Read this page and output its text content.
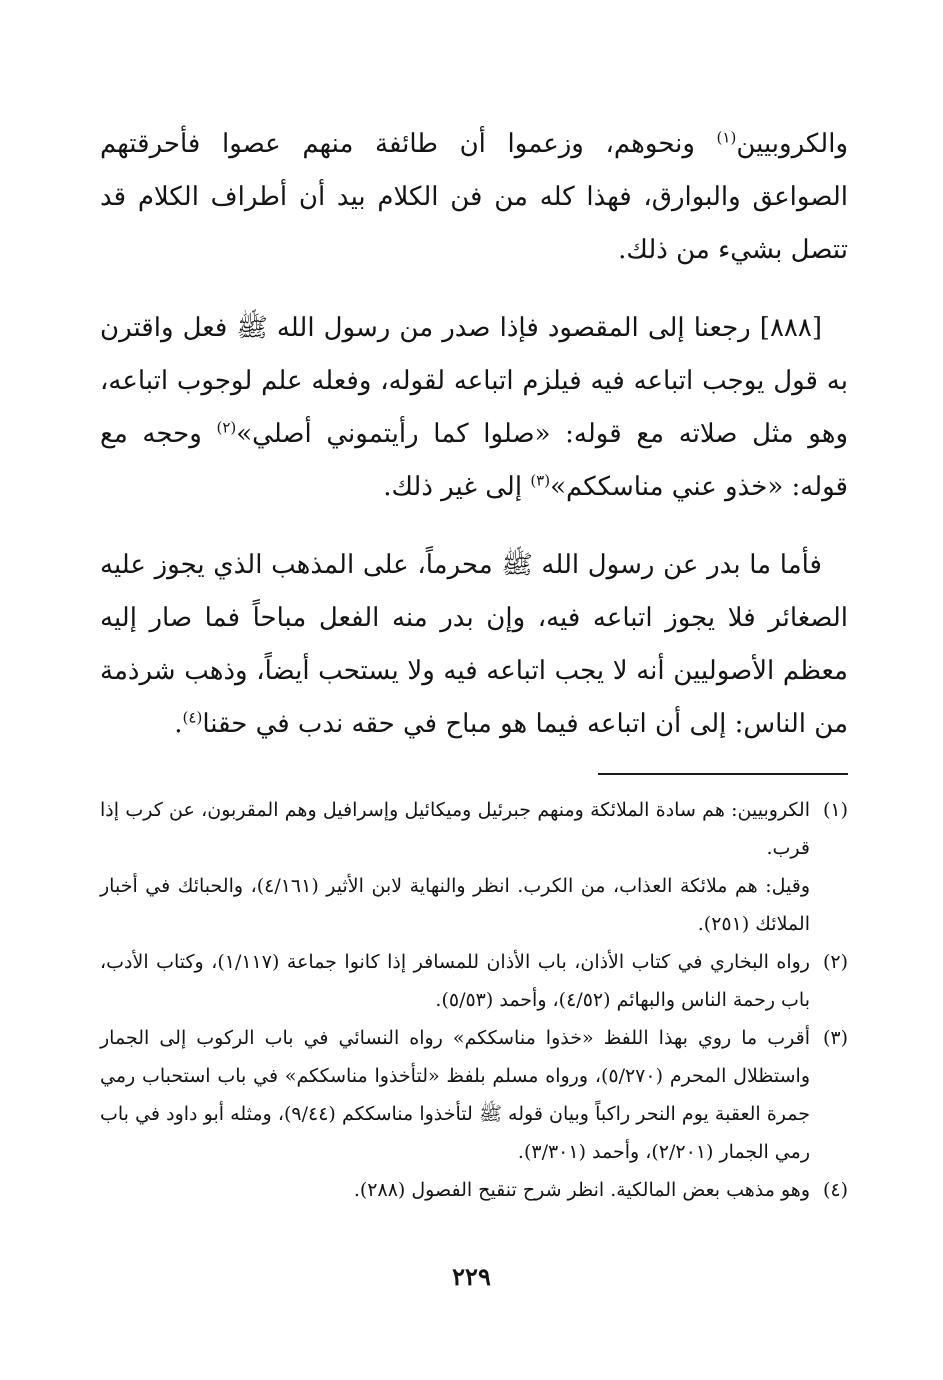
والكروبيين$^{(١)}$ ونحوهم، وزعموا أن طائفة منهم عصوا فأحرقتهم الصواعق والبوارق، فهذا كله من فن الكلام بيد أن أطراف الكلام قد تتصل بشيء من ذلك.

[٨٨٨] رجعنا إلى المقصود فإذا صدر من رسول الله ﷺ فعل واقترن به قول يوجب اتباعه فيه فيلزم اتباعه لقوله، وفعله علم لوجوب اتباعه، وهو مثل صلاته مع قوله: «صلوا كما رأيتموني أصلي»$^{(٢)}$ وحجه مع قوله: «خذو عني مناسككم»$^{(٣)}$ إلى غير ذلك.

فأما ما بدر عن رسول الله ﷺ محرماً، على المذهب الذي يجوز عليه الصغائر فلا يجوز اتباعه فيه، وإن بدر منه الفعل مباحاً فما صار إليه معظم الأصوليين أنه لا يجب اتباعه فيه ولا يستحب أيضاً، وذهب شرذمة من الناس: إلى أن اتباعه فيما هو مباح في حقه ندب في حقنا$^{(٤)}$.

(١)

الكروبيين: هم سادة الملائكة ومنهم جبرئيل وميكائيل وإسرافيل وهم المقربون، عن كرب إذا قرب.

وقيل: هم ملائكة العذاب، من الكرب. انظر والنهاية لابن الأثير (٤/١٦١)، والحبائك في أخبار الملائك (٢٥١).

(٢)

رواه البخاري في كتاب الأذان، باب الأذان للمسافر إذا كانوا جماعة (١/١١٧)، وكتاب الأدب، باب رحمة الناس والبهائم (٤/٥٢)، وأحمد (٥/٥٣).

(٣)

أقرب ما روي بهذا اللفظ «خذوا مناسككم» رواه النسائي في باب الركوب إلى الجمار واستظلال المحرم (٥/٢٧٠)، ورواه مسلم بلفظ «لتأخذوا مناسككم» في باب استحباب رمي جمرة العقبة يوم النحر راكباً وبيان قوله ﷺ لتأخذوا مناسككم (٩/٤٤)، ومثله أبو داود في باب رمي الجمار (٢/٢٠١)، وأحمد (٣/٣٠١).

(٤)

وهو مذهب بعض المالكية. انظر شرح تنقيح الفصول (٢٨٨).

٢٢٩
